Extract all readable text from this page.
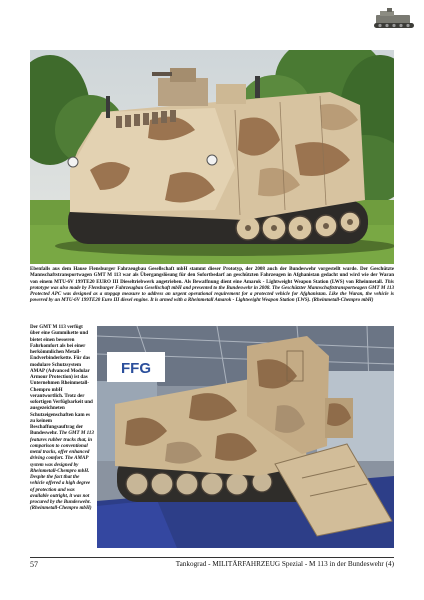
Ebenfalls aus dem Hause Flensburger Fahrzeugbau Gesellschaft mbH stammt dieser Prototyp, der 2008 auch der Bundeswehr vorgestellt wurde. Der Geschützte Mannschaftstransportwagen GMT M 113 war als Übergangslösung für den Sofortbedarf an geschützten Fahrzeugen in Afghanistan gedacht und wird wie der Waran von einem MTU-6V 199TE20 EURO III Dieseltriebwerk angetrieben. Als Bewaffnung dient eine Amarok - Lightweight Weapon Station (LWS) von Rheinmetall. This prototype was also made by Flensburger Fahrzeugbau Gesellschaft mbH and presented to the Bundeswehr in 2008. The Geschützter Mannschaftstransportwagen GMT M 113 Protected APC was designed as a stopgap measure to address an urgent operational requirement for a protected vehicle for Afghanistan. Like the Waran, the vehicle is powered by an MTU-6V 199TE20 Euro III diesel engine. It is armed with a Rheinmetall Amarok - Lightweight Weapon Station (LWS). (Rheinmetall-Chempro mbH)

FFG

Der GMT M 113 verfügt über eine Gummikette und bietet einen besseren Fahrkomfort als bei einer herkömmlichen Metall-Endverbinderkette. Für das modulare Schutzsystem AMAP (Advanced Modular Armour Protection) ist das Unternehmen Rheinmetall-Chempro mbH verantwortlich. Trotz der sofortigen Verfügbarkeit und ausgezeichneten Schutzeigenschaften kam es zu keinem Beschaffungsauftrag der Bundeswehr. The GMT M 113 features rubber tracks that, in comparison to conventional metal tracks, offer enhanced driving comfort. The AMAP system was designed by Rheinmetall-Chempro mbH. Despite the fact that the vehicle offered a high degree of protection and was available outright, it was not procured by the Bundeswehr. (Rheinmetall-Chempro mbH)

57	Tankograd - MILITÄRFAHRZEUG Spezial - M 113 in der Bundeswehr (4)
